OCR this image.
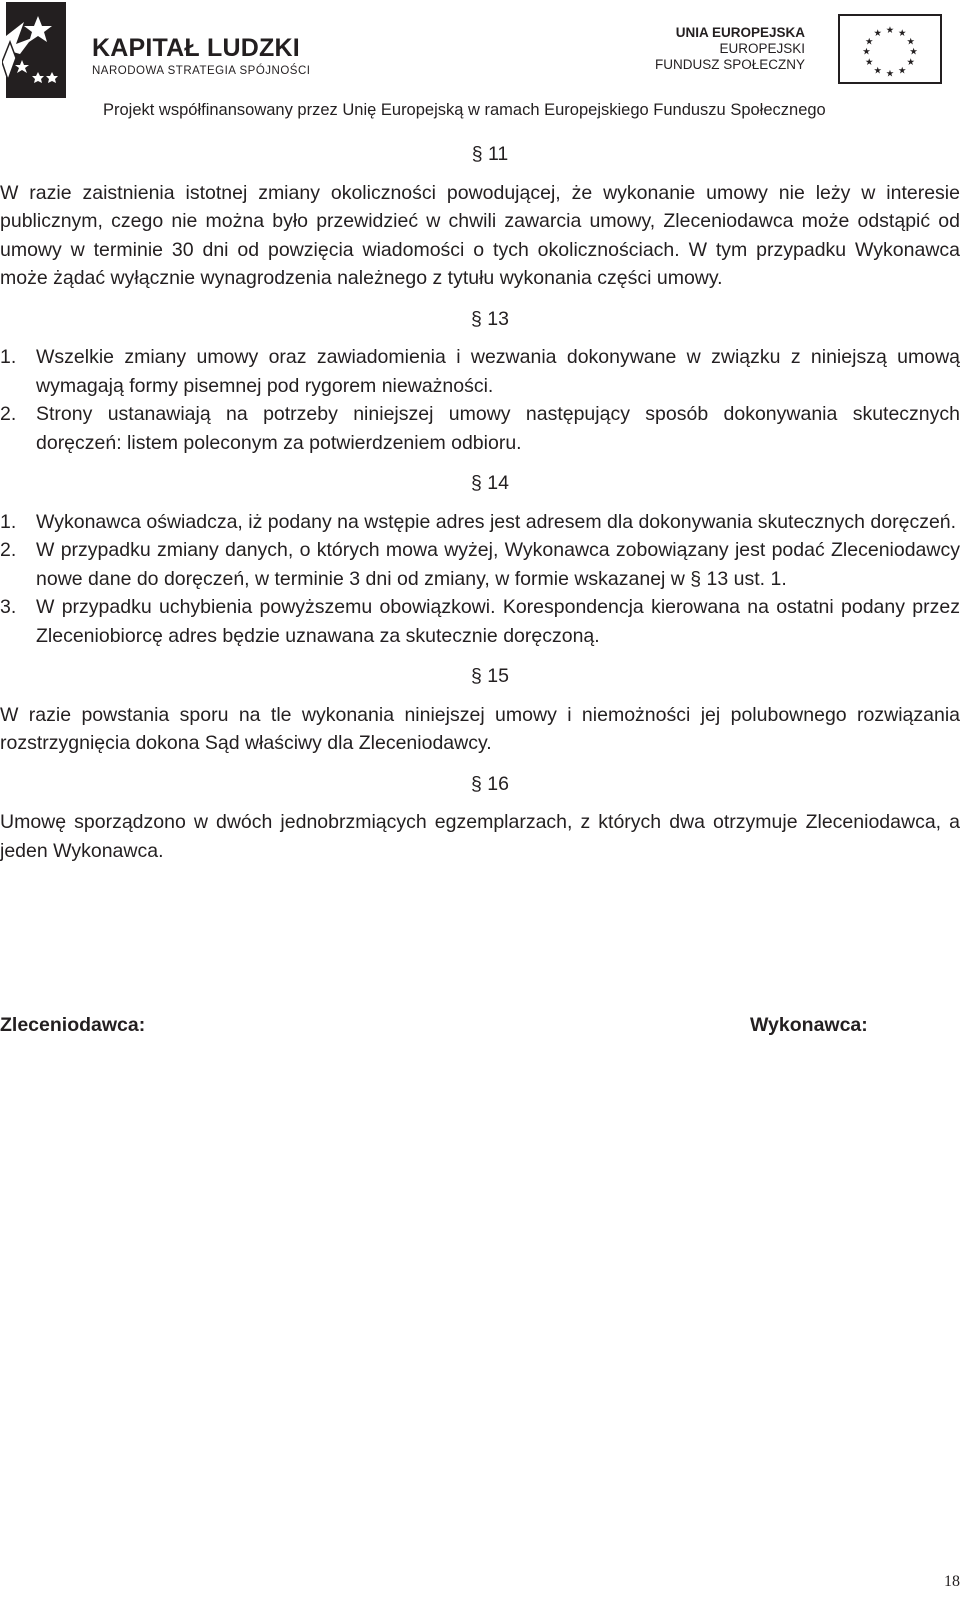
KAPITAŁ LUDZKI
NARODOWA STRATEGIA SPÓJNOŚCI
UNIA EUROPEJSKA
EUROPEJSKI
FUNDUSZ SPOŁECZNY
★ ★
★
★
★
★
★
★
★
★
★
★
Projekt współfinansowany przez Unię Europejską w ramach Europejskiego Funduszu Społecznego

§ 11

W razie zaistnienia istotnej zmiany okoliczności powodującej, że wykonanie umowy nie leży w interesie publicznym, czego nie można było przewidzieć w chwili zawarcia umowy, Zleceniodawca może odstąpić od umowy w terminie 30 dni od powzięcia wiadomości o tych okolicznościach. W tym przypadku Wykonawca może żądać wyłącznie wynagrodzenia należnego z tytułu wykonania części umowy.

§ 13

1. Wszelkie zmiany umowy oraz zawiadomienia i wezwania dokonywane w związku z niniejszą umową wymagają formy pisemnej pod rygorem nieważności.
2. Strony ustanawiają na potrzeby niniejszej umowy następujący sposób dokonywania skutecznych doręczeń: listem poleconym za potwierdzeniem odbioru.

§ 14

1. Wykonawca oświadcza, iż podany na wstępie adres jest adresem dla dokonywania skutecznych doręczeń.
2. W przypadku zmiany danych, o których mowa wyżej, Wykonawca zobowiązany jest podać Zleceniodawcy nowe dane do doręczeń, w terminie 3 dni od zmiany, w formie wskazanej w § 13 ust. 1.
3. W przypadku uchybienia powyższemu obowiązkowi. Korespondencja kierowana na ostatni podany przez Zleceniobiorcę adres będzie uznawana za skutecznie doręczoną.

§ 15

W razie powstania sporu na tle wykonania niniejszej umowy i niemożności jej polubownego rozwiązania rozstrzygnięcia dokona Sąd właściwy dla Zleceniodawcy.

§ 16

Umowę sporządzono w dwóch jednobrzmiących egzemplarzach, z których dwa otrzymuje Zleceniodawca, a jeden Wykonawca.

Zleceniodawca:	Wykonawca:
18
